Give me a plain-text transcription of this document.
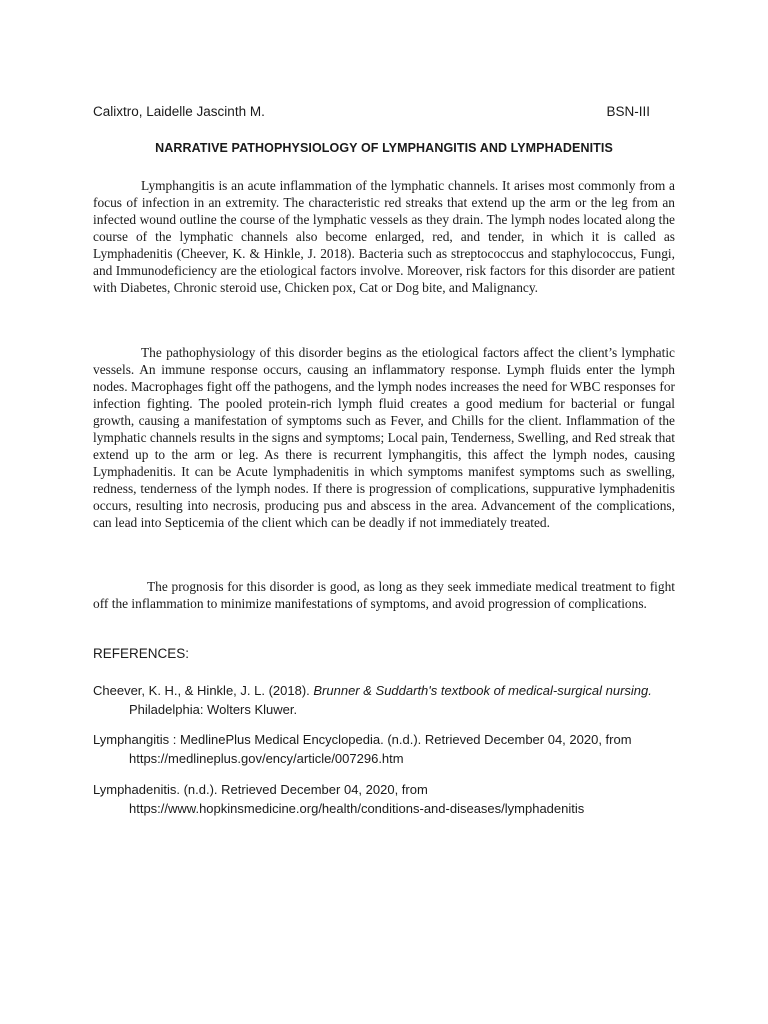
Calixtro, Laidelle Jascinth M.	BSN-III
NARRATIVE PATHOPHYSIOLOGY OF LYMPHANGITIS AND LYMPHADENITIS

Lymphangitis is an acute inflammation of the lymphatic channels. It arises most commonly from a focus of infection in an extremity. The characteristic red streaks that extend up the arm or the leg from an infected wound outline the course of the lymphatic vessels as they drain. The lymph nodes located along the course of the lymphatic channels also become enlarged, red, and tender, in which it is called as Lymphadenitis (Cheever, K. & Hinkle, J. 2018). Bacteria such as streptococcus and staphylococcus, Fungi, and Immunodeficiency are the etiological factors involve. Moreover, risk factors for this disorder are patient with Diabetes, Chronic steroid use, Chicken pox, Cat or Dog bite, and Malignancy.

The pathophysiology of this disorder begins as the etiological factors affect the client’s lymphatic vessels. An immune response occurs, causing an inflammatory response. Lymph fluids enter the lymph nodes. Macrophages fight off the pathogens, and the lymph nodes increases the need for WBC responses for infection fighting. The pooled protein-rich lymph fluid creates a good medium for bacterial or fungal growth, causing a manifestation of symptoms such as Fever, and Chills for the client. Inflammation of the lymphatic channels results in the signs and symptoms; Local pain, Tenderness, Swelling, and Red streak that extend up to the arm or leg. As there is recurrent lymphangitis, this affect the lymph nodes, causing Lymphadenitis. It can be Acute lymphadenitis in which symptoms manifest symptoms such as swelling, redness, tenderness of the lymph nodes. If there is progression of complications, suppurative lymphadenitis occurs, resulting into necrosis, producing pus and abscess in the area. Advancement of the complications, can lead into Septicemia of the client which can be deadly if not immediately treated.

The prognosis for this disorder is good, as long as they seek immediate medical treatment to fight off the inflammation to minimize manifestations of symptoms, and avoid progression of complications.

REFERENCES:

Cheever, K. H., & Hinkle, J. L. (2018). Brunner & Suddarth's textbook of medical-surgical nursing. Philadelphia: Wolters Kluwer.

Lymphangitis : MedlinePlus Medical Encyclopedia. (n.d.). Retrieved December 04, 2020, from https://medlineplus.gov/ency/article/007296.htm

Lymphadenitis. (n.d.). Retrieved December 04, 2020, from https://www.hopkinsmedicine.org/health/conditions-and-diseases/lymphadenitis
